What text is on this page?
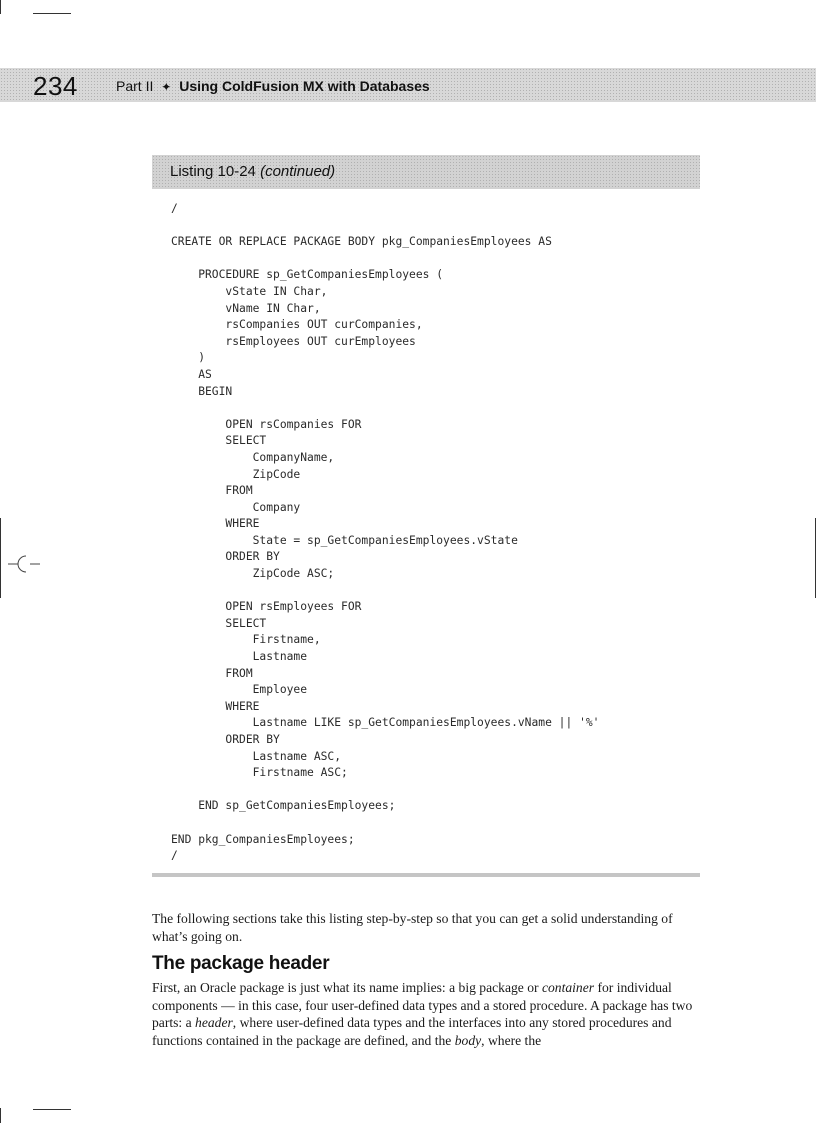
234	Part II ✦ Using ColdFusion MX with Databases
Listing 10-24 (continued)
/

CREATE OR REPLACE PACKAGE BODY pkg_CompaniesEmployees AS

PROCEDURE sp_GetCompaniesEmployees (
vState IN Char,
vName IN Char,
rsCompanies OUT curCompanies,
rsEmployees OUT curEmployees
)
AS
BEGIN

OPEN rsCompanies FOR
SELECT
CompanyName,
ZipCode
FROM
Company
WHERE
State = sp_GetCompaniesEmployees.vState
ORDER BY
ZipCode ASC;

OPEN rsEmployees FOR
SELECT
Firstname,
Lastname
FROM
Employee
WHERE
Lastname LIKE sp_GetCompaniesEmployees.vName || '%'
ORDER BY
Lastname ASC,
Firstname ASC;

END sp_GetCompaniesEmployees;

END pkg_CompaniesEmployees;
/

The following sections take this listing step-by-step so that you can get a solid understanding of what’s going on.

The package header

First, an Oracle package is just what its name implies: a big package or container for individual components — in this case, four user-defined data types and a stored procedure. A package has two parts: a header, where user-defined data types and the interfaces into any stored procedures and functions contained in the package are defined, and the body, where the
